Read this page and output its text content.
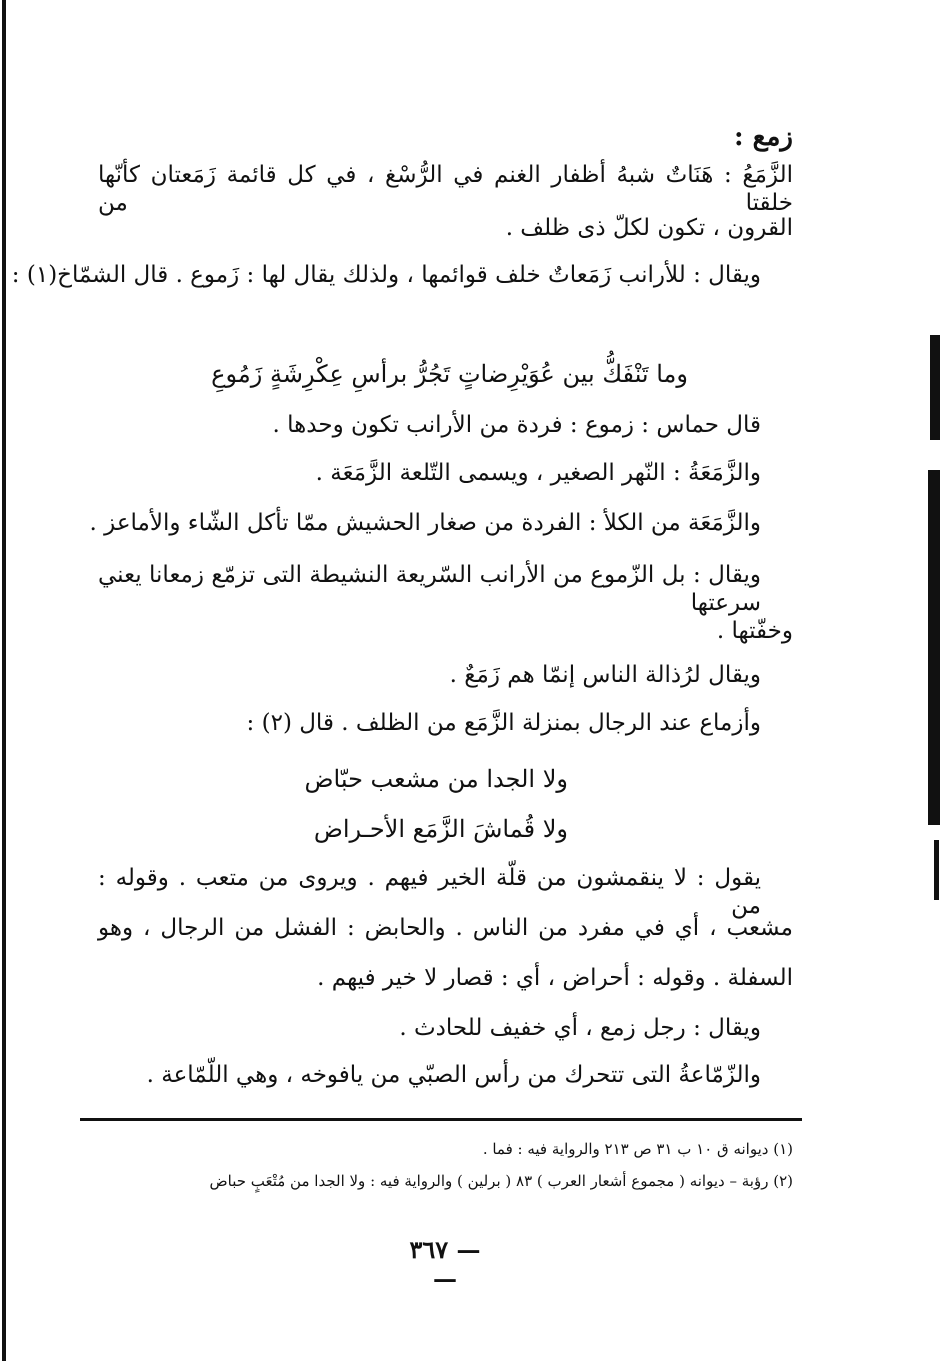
زمع :
الزَّمَعُ : هَنَاتٌ شبهُ أظفار الغنم في الرُّسْغ ، في كل قائمة زَمَعتان كأنّها خلقتا من
القرون ، تكون لكلّ ذى ظلف .
ويقال : للأرانب زَمَعاتٌ خلف قوائمها ، ولذلك يقال لها : زَموع . قال الشمّاخ(١) :
وما تَنْفَكُّ بين عُوَيْرِضاتٍ تَجُرُّ برأسِ عِكْرِشَةٍ زَمُوعِ
قال حماس : زموع : فردة من الأرانب تكون وحدها .
والزَّمَعَةُ : النّهر الصغير ، ويسمى التّلعة الزَّمَعَة .
والزَّمَعَة من الكلأ : الفردة من صغار الحشيش ممّا تأكل الشّاء والأماعز .
ويقال : بل الزّموع من الأرانب السّريعة النشيطة التى تزمّع زمعانا يعني سرعتها
وخفّتها .
ويقال لرُذالة الناس إنمّا هم زَمَعٌ .
وأزماع عند الرجال بمنزلة الزَّمَع من الظلف . قال (٢) :
ولا الجدا من مشعب حبّاض
ولا قُماشَ الزَّمَع الأحـراض
يقول : لا ينقمشون من قلّة الخير فيهم . ويروى من متعب . وقوله : من
مشعب ، أي في مفرد من الناس . والحابض : الفشل من الرجال ، وهو
السفلة . وقوله : أحراض ، أي : قصار لا خير فيهم .
ويقال : رجل زمع ، أي خفيف للحادث .
والزّمّاعةُ التى تتحرك من رأس الصبّي من يافوخه ، وهي اللّمّاعة .
(١) ديوانه ق ١٠ ب ٣١ ص ٢١٣ والرواية فيه : فما .
(٢) رؤبة – ديوانه ( مجموع أشعار العرب ) ٨٣ ( برلين ) والرواية فيه : ولا الجدا من مُتْعَبٍ حباض
— ٣٦٧ —
